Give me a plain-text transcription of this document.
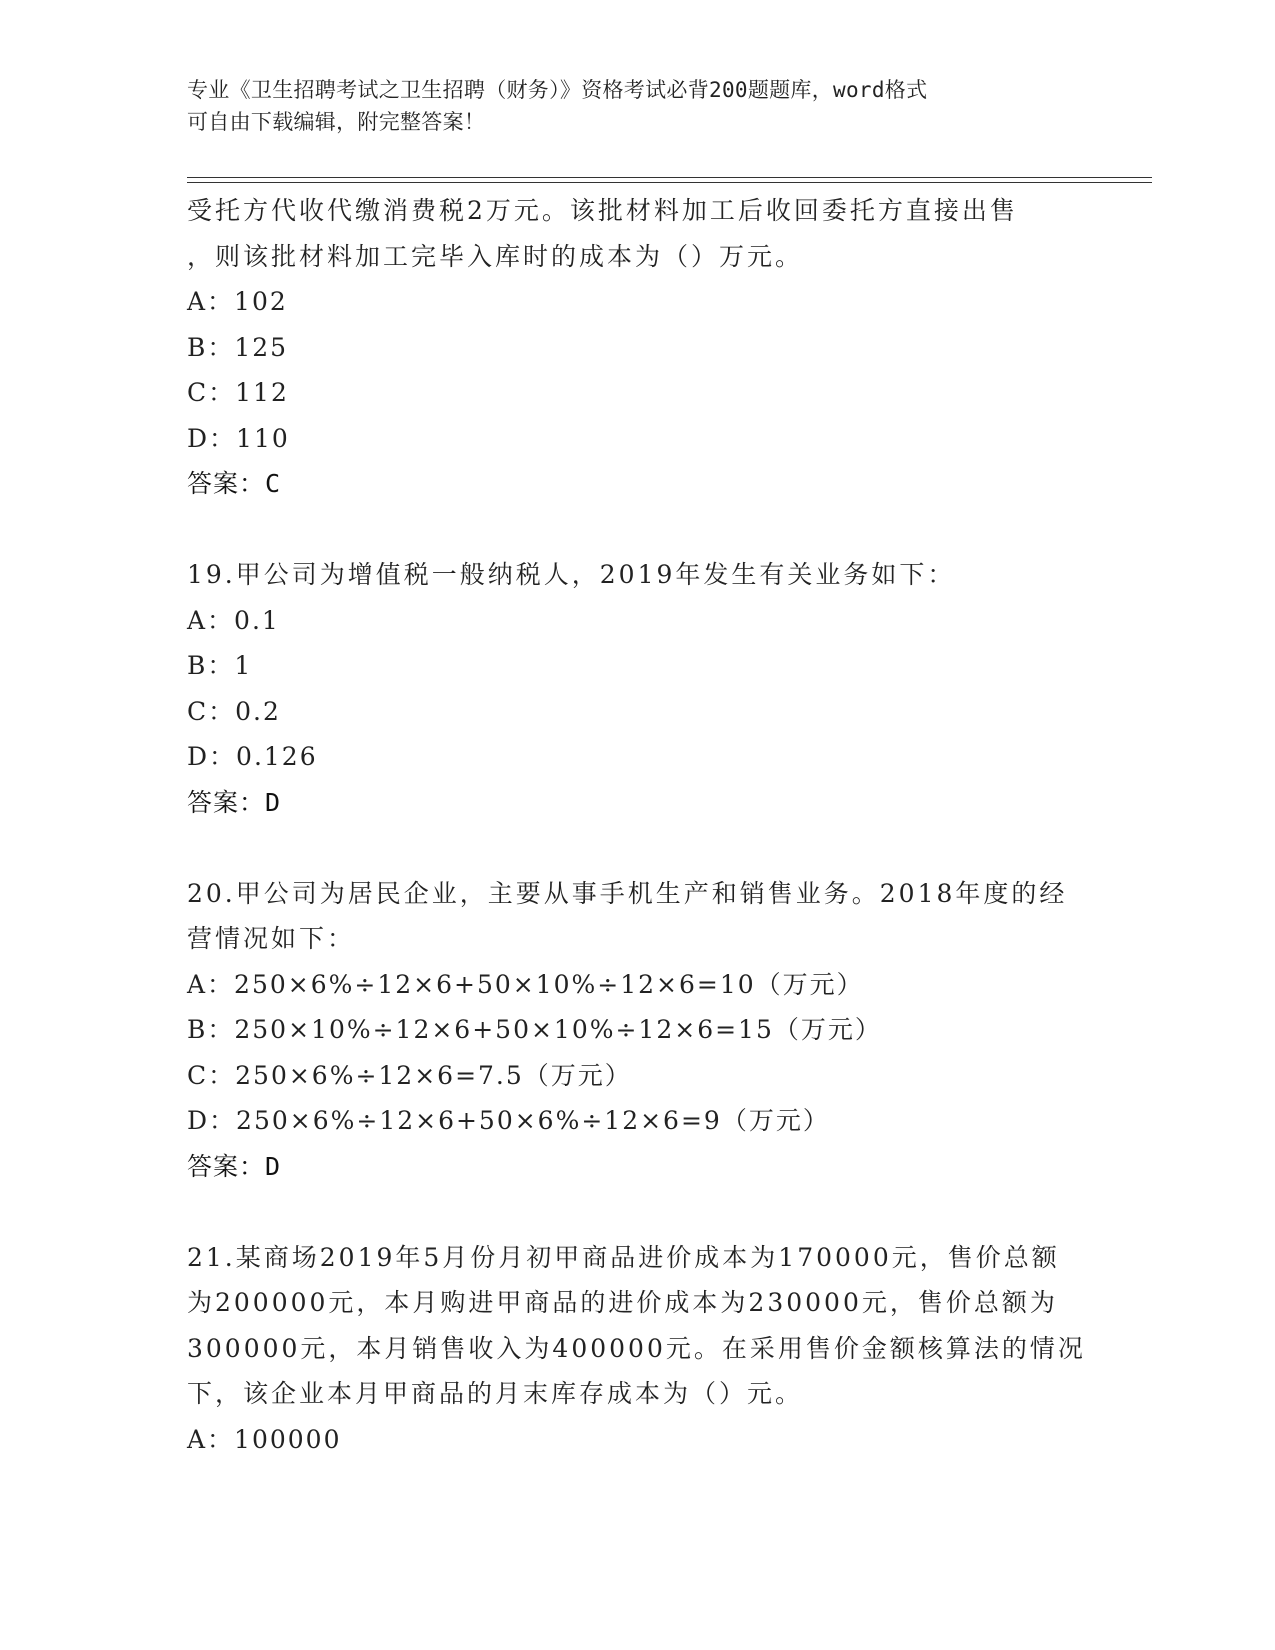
专业《卫生招聘考试之卫生招聘（财务）》资格考试必背200题题库，word格式
可自由下载编辑，附完整答案！
受托方代收代缴消费税2万元。该批材料加工后收回委托方直接出售
，则该批材料加工完毕入库时的成本为（）万元。
A：102
B：125
C：112
D：110
答案：C
19.甲公司为增值税一般纳税人，2019年发生有关业务如下：
A：0.1
B：1
C：0.2
D：0.126
答案：D
20.甲公司为居民企业，主要从事手机生产和销售业务。2018年度的经
营情况如下：
A：250×6%÷12×6+50×10%÷12×6=10（万元）
B：250×10%÷12×6+50×10%÷12×6=15（万元）
C：250×6%÷12×6=7.5（万元）
D：250×6%÷12×6+50×6%÷12×6=9（万元）
答案：D
21.某商场2019年5月份月初甲商品进价成本为170000元，售价总额
为200000元，本月购进甲商品的进价成本为230000元，售价总额为
300000元，本月销售收入为400000元。在采用售价金额核算法的情况
下，该企业本月甲商品的月末库存成本为（）元。
A：100000
